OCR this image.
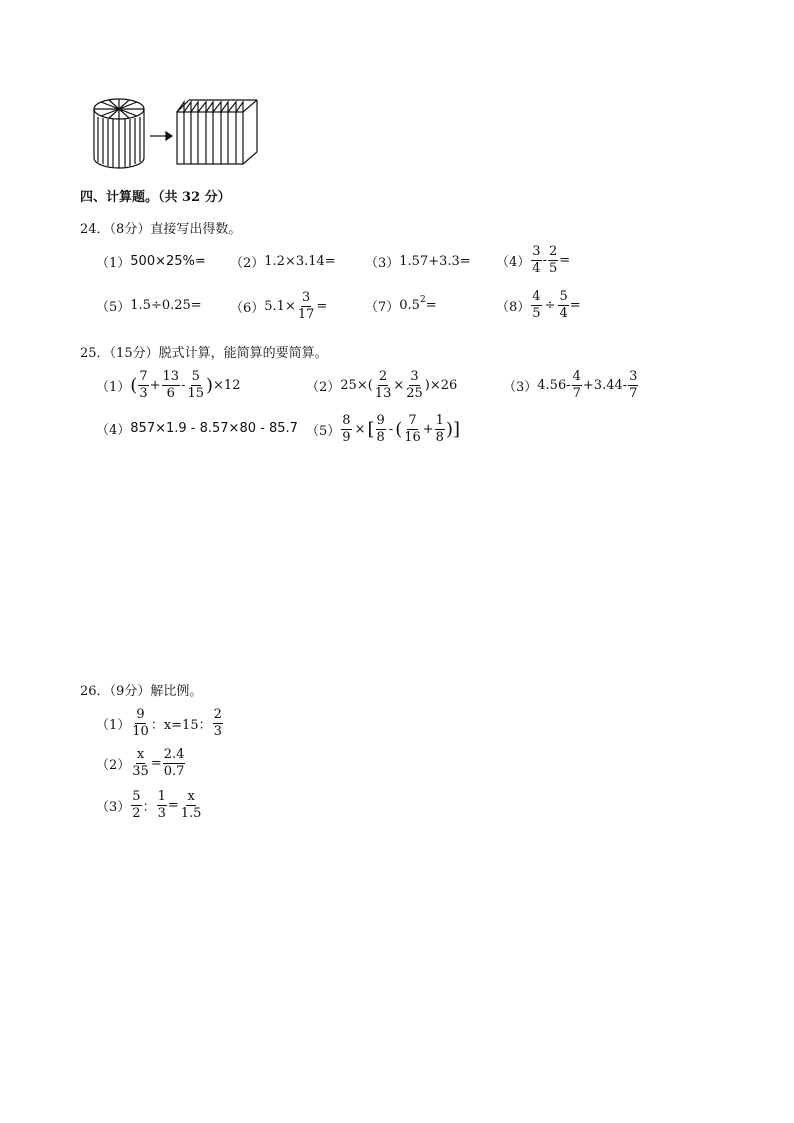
四、计算题。（共 32 分）
24．（8分）直接写出得数。
（1） 500×25%= （2） 1.2×3.14= （3） $1.57+3.3= (4) \frac{3}{4} - \frac{2}{5}$ =
（5） 1.5÷0.25= （6） $5.1\times \frac{3}{17}$ =	（7） 0.5 2 =	$(8) \frac{4}{5} \div \frac{5}{4}$ =
25．（15分）脱式计算，能简算的要简算。
（1） ( $\frac{7}{3} + \frac{13}{6} - \frac{5}{15}$ ) ×12	（2） $25\times( \frac{2}{13} \times \frac{3}{25} )\times 26$	（3） $4.56- \frac{4}{7} +3.44- \frac{3}{7}$
（4） 857×1.9 - 8.57×80 - 85.7 $(5) \frac{8}{9}$ × [ $\frac{9}{8}$ - ( $\frac{7}{16} + \frac{1}{8}$ ) ]
26．（9分）解比例。
$(1) \frac{9}{10}$ ：x=15： $\frac{2}{3}$
$(2) \frac{x}{35} = \frac{2.4}{0.7}$
$(3) \frac{5}{2}$ ： $\frac{1}{3} = \frac{x}{1.5}$
